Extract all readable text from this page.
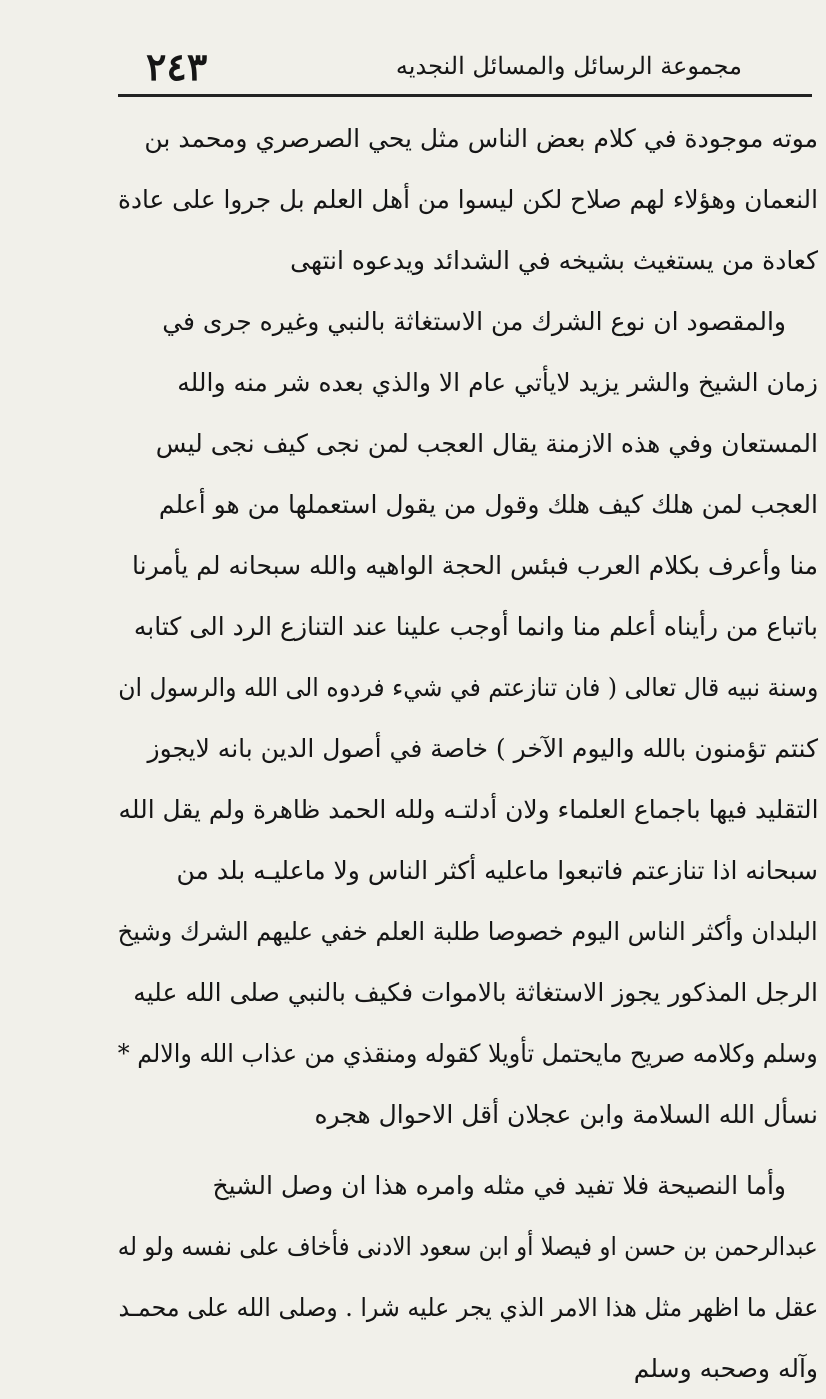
مجموعة الرسائل والمسائل النجديه
٢٤٣
موته موجودة في كلام بعض الناس مثل يحي الصرصري ومحمد بن
النعمان وهؤلاء لهم صلاح لكن ليسوا من أهل العلم بل جروا على عادة
كعادة من يستغيث بشيخه في الشدائد ويدعوه انتهى
والمقصود ان نوع الشرك من الاستغاثة بالنبي وغيره جرى في
زمان الشيخ والشر يزيد لايأتي عام الا والذي بعده شر منه والله
المستعان وفي هذه الازمنة يقال العجب لمن نجى كيف نجى ليس
العجب لمن هلك كيف هلك وقول من يقول استعملها من هو أعلم
منا وأعرف بكلام العرب فبئس الحجة الواهيه والله سبحانه لم يأمرنا
باتباع من رأيناه أعلم منا وانما أوجب علينا عند التنازع الرد الى كتابه
وسنة نبيه قال تعالى ( فان تنازعتم في شيء فردوه الى الله والرسول ان
كنتم تؤمنون بالله واليوم الآخر ) خاصة في أصول الدين بانه لايجوز
التقليد فيها باجماع العلماء ولان أدلتـه ولله الحمد ظاهرة ولم يقل الله
سبحانه اذا تنازعتم فاتبعوا ماعليه أكثر الناس ولا ماعليـه بلد من
البلدان وأكثر الناس اليوم خصوصا طلبة العلم خفي عليهم الشرك وشيخ
الرجل المذكور يجوز الاستغاثة بالاموات فكيف بالنبي صلى الله عليه
وسلم وكلامه صريح مايحتمل تأويلا كقوله ومنقذي من عذاب الله والالم *
نسأل الله السلامة وابن عجلان أقل الاحوال هجره
وأما النصيحة فلا تفيد في مثله وامره هذا ان وصل الشيخ
عبدالرحمن بن حسن او فيصلا أو ابن سعود الادنى فأخاف على نفسه ولو له
عقل ما اظهر مثل هذا الامر الذي يجر عليه شرا . وصلى الله على محمـد
وآله وصحبه وسلم
